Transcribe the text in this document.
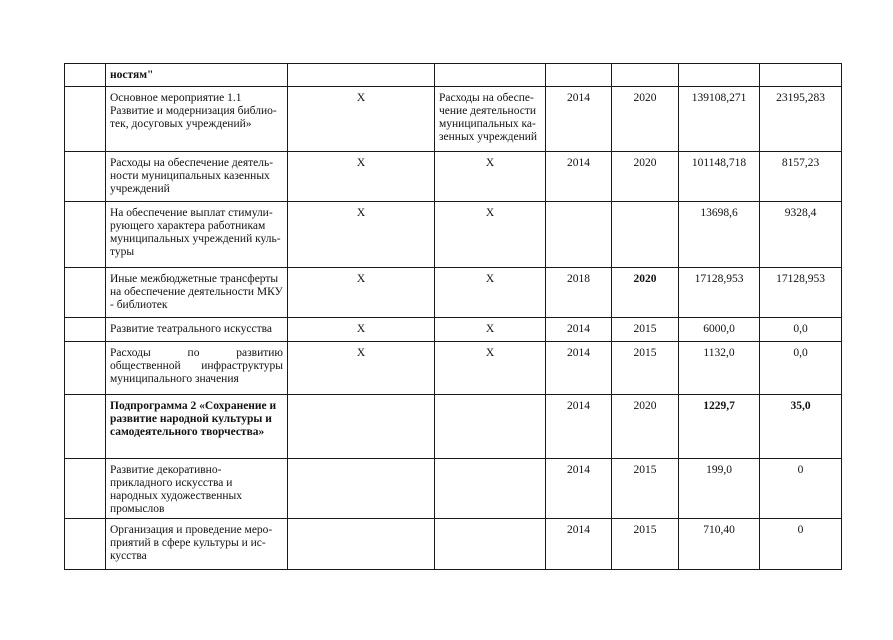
	ностям"						
	Основное мероприятие 1.1 Развитие и модернизация библио-тек, досуговых учреждений»	Х	Расходы на обеспе-чение деятельности муниципальных ка-зенных учреждений	2014	2020	139108,271	23195,283
	Расходы на обеспечение деятель-ности муниципальных казенных учреждений	Х	Х	2014	2020	101148,718	8157,23
	На обеспечение выплат стимули-рующего характера работникам муниципальных учреждений куль-туры	Х	Х			13698,6	9328,4
	Иные межбюджетные трансферты на обеспечение деятельности МКУ - библиотек	Х	Х	2018	2020	17128,953	17128,953
	Развитие театрального искусства	Х	Х	2014	2015	6000,0	0,0
	Расходы по развитию общественной инфраструктуры муниципального значения	Х	Х	2014	2015	1132,0	0,0
	Подпрограмма 2 «Сохранение и развитие народной культуры и самодеятельного творчества»			2014	2020	1229,7	35,0
	Развитие декоративно-прикладного искусства и народных художественных промыслов			2014	2015	199,0	0
	Организация и проведение меро-приятий в сфере культуры и ис-кусства			2014	2015	710,40	0
